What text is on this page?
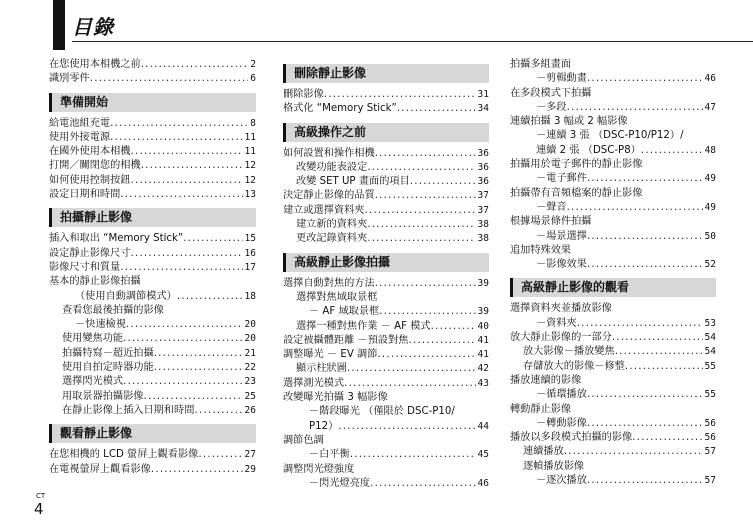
目錄
在您使用本相機之前 . . .	2
識別零件 . . .	6
準備開始
給電池組充電 . . .	8
使用外接電源 . . .	11
在國外使用本相機 . . .	11
打開／關閉您的相機 . . .	12
如何使用控制按鈕 . . .	12
設定日期和時間 . . .	13
拍攝靜止影像
插入和取出 “Memory Stick” . . .	15
設定靜止影像尺寸 . . .	16
影像尺寸和質量 . . .	17
基本的靜止影像拍攝
（使用自動調節模式） . . .	18
查看您最後拍攝的影像
－快速檢視 . . .	20
使用變焦功能 . . .	20
拍攝特寫－超近拍攝 . . .	21
使用自拍定時器功能 . . .	22
選擇閃光模式 . . .	23
用取景器拍攝影像 . . .	25
在靜止影像上插入日期和時間 . . .	26
觀看靜止影像
在您相機的 LCD 螢屏上觀看影像 . . .	27
在電視螢屏上觀看影像 . . .	29
刪除靜止影像
刪除影像 . . .	31
格式化 “Memory Stick” . . .	34
高級操作之前
如何設置和操作相機 . . .	36
改變功能表設定 . . .	36
改變 SET UP 畫面的項目 . . .	36
決定靜止影像的品質 . . .	37
建立或選擇資料夾 . . .	37
建立新的資料夾 . . .	38
更改記錄資料夾 . . .	38
高級靜止影像拍攝
選擇自動對焦的方法 . . .	39
選擇對焦域取景框
－ AF 域取景框 . . .	39
選擇一種對焦作業 － AF 模式 . . .	40
設定被攝體距離 －預設對焦 . . .	41
調整曝光 － EV 調節 . . .	41
顯示柱狀圖 . . .	42
選擇測光模式 . . .	43
改變曝光拍攝 3 幅影像
－階段曝光 （僅限於 DSC-P10/
P12） . . .	44
調節色調
－白平衡 . . .	45
調整閃光燈強度
－閃光燈亮度 . . .	46
拍攝多組畫面
－剪輯動畫 . . .	46
在多段模式下拍攝
－多段 . . .	47
連續拍攝 3 幅或 2 幅影像
－連續 3 張 （DSC-P10/P12）/
連續 2 張 （DSC-P8） . . .	48
拍攝用於電子郵件的靜止影像
－電子郵件 . . .	49
拍攝帶有音頻檔案的靜止影像
－聲音 . . .	49
根據場景條件拍攝
－場景選擇 . . .	50
追加特殊效果
－影像效果 . . .	52
高級靜止影像的觀看
選擇資料夾並播放影像
－資料夾 . . .	53
放大靜止影像的一部分 . . .	54
放大影像－播放變焦 . . .	54
存儲放大的影像－修整 . . .	55
播放連續的影像
－循環播放 . . .	55
轉動靜止影像
－轉動影像 . . .	56
播放以多段模式拍攝的影像 . . .	56
連續播放 . . .	57
逐幀播放影像
－逐次播放 . . .	57
CT
4
